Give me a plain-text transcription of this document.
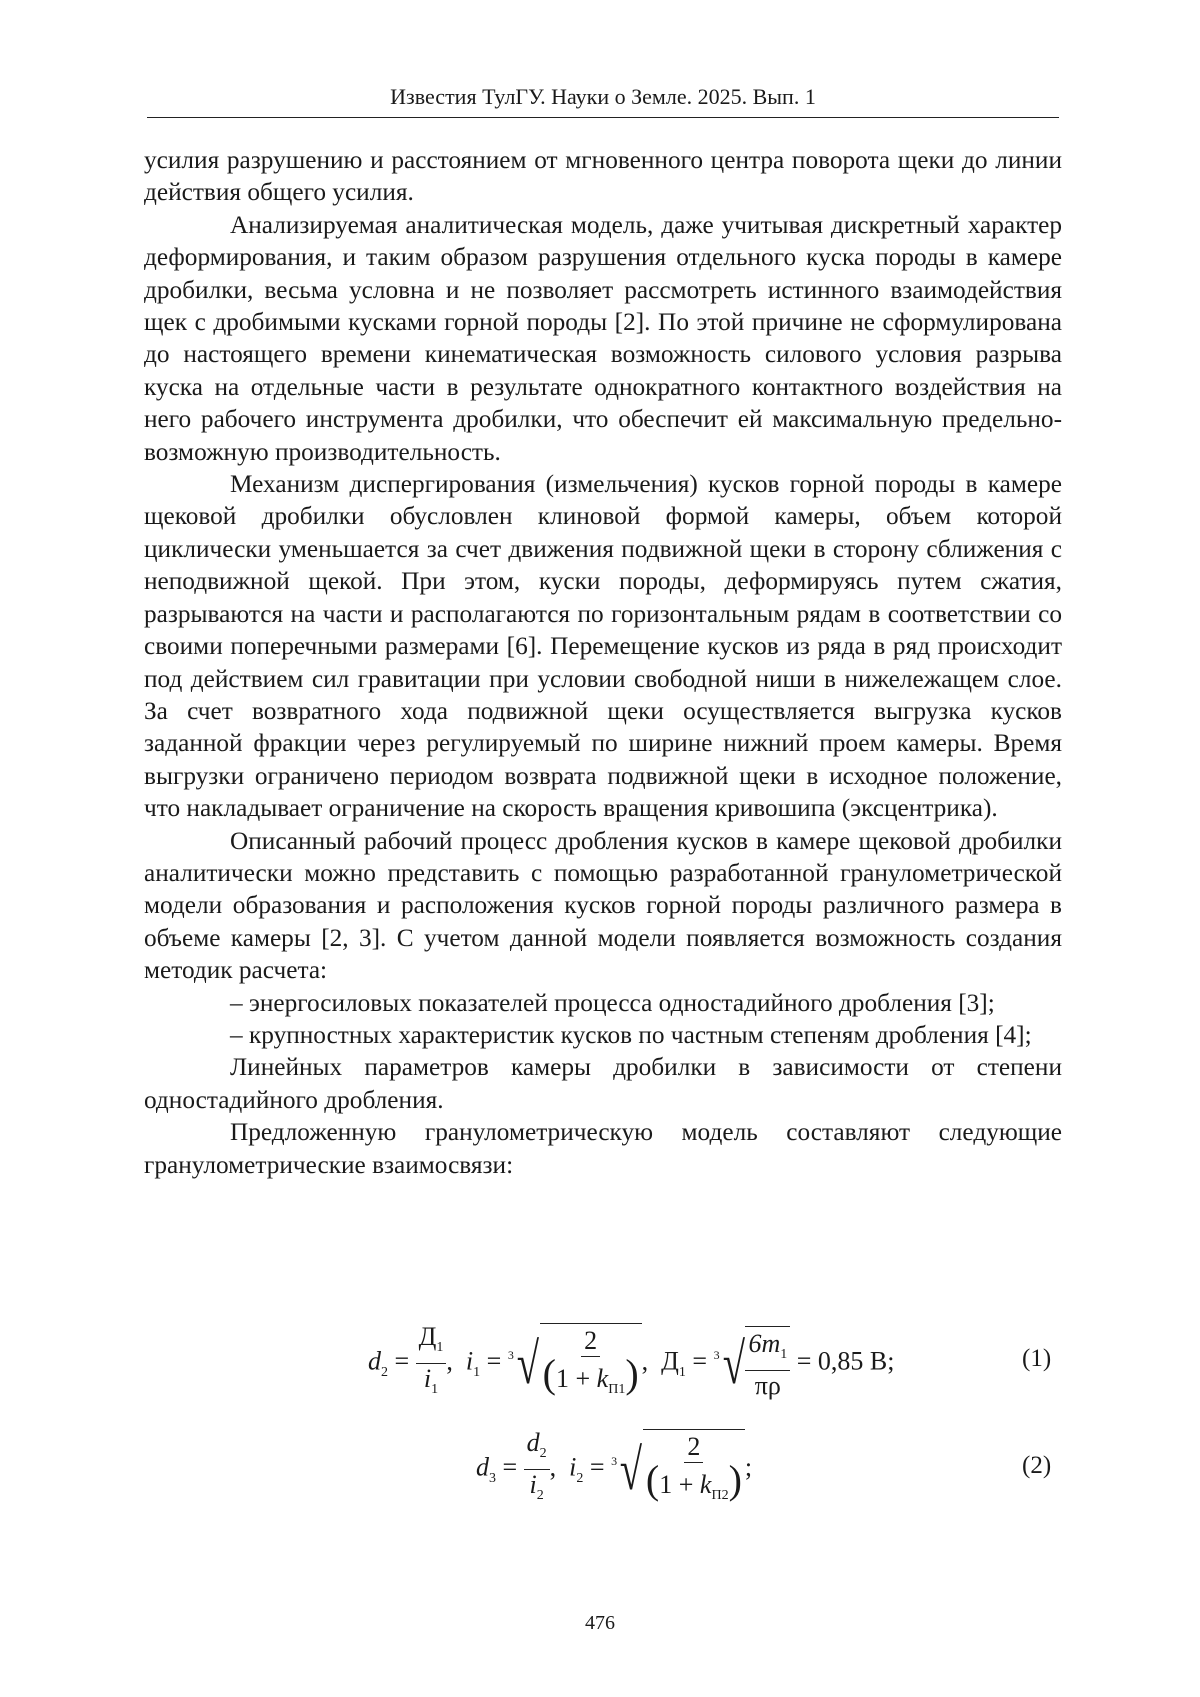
Известия ТулГУ. Науки о Земле. 2025. Вып. 1

усилия разрушению и расстоянием от мгновенного центра поворота щеки до линии действия общего усилия.

Анализируемая аналитическая модель, даже учитывая дискретный характер деформирования, и таким образом разрушения отдельного куска породы в камере дробилки, весьма условна и не позволяет рассмотреть истинного взаимодействия щек с дробимыми кусками горной породы [2]. По этой причине не сформулирована до настоящего времени кинематическая возможность силового условия разрыва куска на отдельные части в результате однократного контактного воздействия на него рабочего инструмента дробилки, что обеспечит ей максимальную предельно-возможную производительность.

Механизм диспергирования (измельчения) кусков горной породы в камере щековой дробилки обусловлен клиновой формой камеры, объем которой циклически уменьшается за счет движения подвижной щеки в сторону сближения с неподвижной щекой. При этом, куски породы, деформируясь путем сжатия, разрываются на части и располагаются по горизонтальным рядам в соответствии со своими поперечными размерами [6]. Перемещение кусков из ряда в ряд происходит под действием сил гравитации при условии свободной ниши в нижележащем слое. За счет возвратного хода подвижной щеки осуществляется выгрузка кусков заданной фракции через регулируемый по ширине нижний проем камеры. Время выгрузки ограничено периодом возврата подвижной щеки в исходное положение, что накладывает ограничение на скорость вращения кривошипа (эксцентрика).

Описанный рабочий процесс дробления кусков в камере щековой дробилки аналитически можно представить с помощью разработанной гранулометрической модели образования и расположения кусков горной породы различного размера в объеме камеры [2, 3]. С учетом данной модели появляется возможность создания методик расчета:

– энергосиловых показателей процесса одностадийного дробления [3];

– крупностных характеристик кусков по частным степеням дробления [4];

Линейных параметров камеры дробилки в зависимости от степени одностадийного дробления.

Предложенную гранулометрическую модель составляют следующие гранулометрические взаимосвязи:

$d_2 = \frac{Д_1}{i_1}$ , $i_1 = 3$ √ $\frac{2}{(1 + k_{П1})}$ , $Д_1 = 3$ √ $\frac{6m_1}{\pi\rho} = 0,85$ В;	(1)
$d_3 = \frac{d_2}{i_2}$ , $i_2 = 3$ √ $\frac{2}{(1 + k_{П2})}$ ;	(2)
476
